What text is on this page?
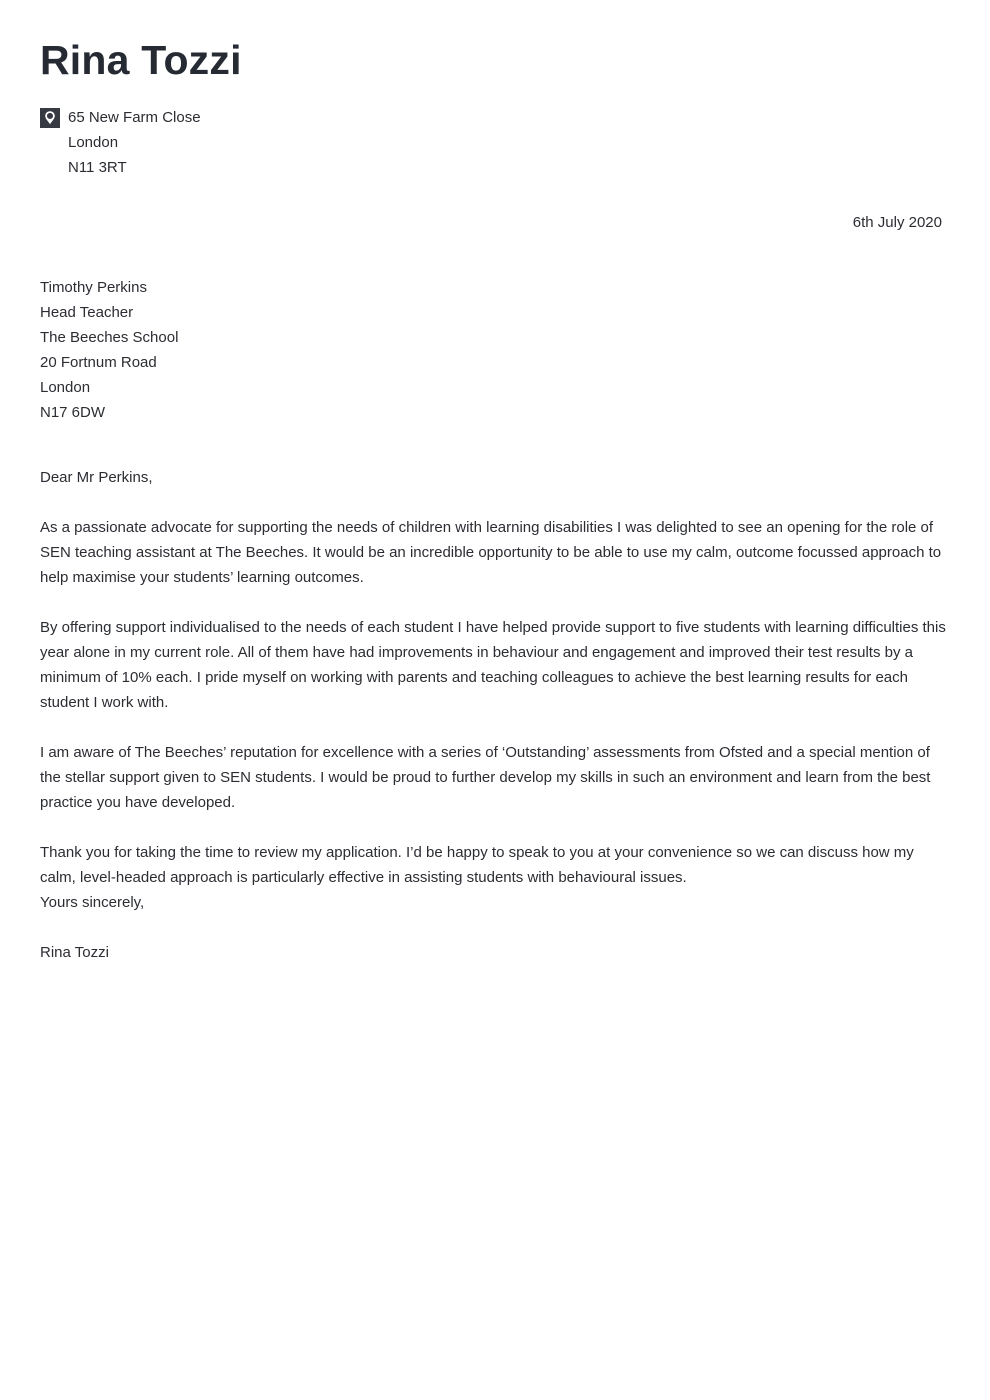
Rina Tozzi
65 New Farm Close
London
N11 3RT
6th July 2020
Timothy Perkins
Head Teacher
The Beeches School
20 Fortnum Road
London
N17 6DW

Dear Mr Perkins,

As a passionate advocate for supporting the needs of children with learning disabilities I was delighted to see an opening for the role of SEN teaching assistant at The Beeches. It would be an incredible opportunity to be able to use my calm, outcome focussed approach to help maximise your students’ learning outcomes.

By offering support individualised to the needs of each student I have helped provide support to five students with learning difficulties this year alone in my current role. All of them have had improvements in behaviour and engagement and improved their test results by a minimum of 10% each. I pride myself on working with parents and teaching colleagues to achieve the best learning results for each student I work with.

I am aware of The Beeches’ reputation for excellence with a series of ‘Outstanding’ assessments from Ofsted and a special mention of the stellar support given to SEN students. I would be proud to further develop my skills in such an environment and learn from the best practice you have developed.

Thank you for taking the time to review my application. I’d be happy to speak to you at your convenience so we can discuss how my calm, level-headed approach is particularly effective in assisting students with behavioural issues.

Yours sincerely,

Rina Tozzi
